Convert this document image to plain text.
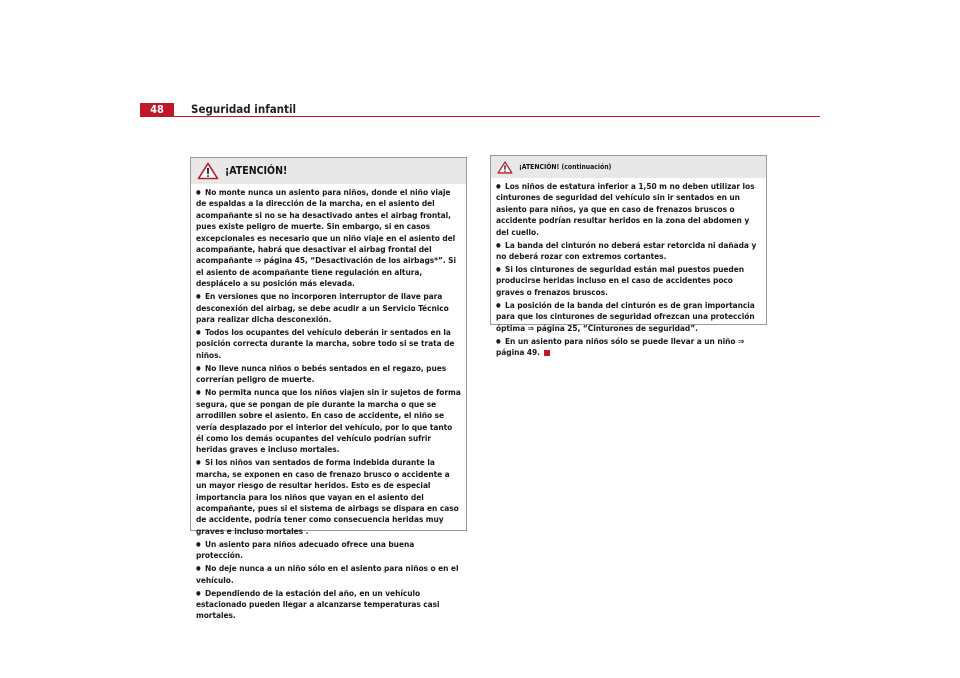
48	Seguridad infantil
¡ATENCIÓN!
● No monte nunca un asiento para niños, donde el niño viaje de espaldas a la dirección de la marcha, en el asiento del acompañante si no se ha desactivado antes el airbag frontal, pues existe peligro de muerte. Sin embargo, si en casos excepcionales es necesario que un niño viaje en el asiento del acompañante, habrá que desactivar el airbag frontal del acompañante ⇒ página 45, “Desactivación de los airbags*”. Si el asiento de acompañante tiene regulación en altura, desplácelo a su posición más elevada.
● En versiones que no incorporen interruptor de llave para desconexión del airbag, se debe acudir a un Servicio Técnico para realizar dicha desconexión.
● Todos los ocupantes del vehículo deberán ir sentados en la posición correcta durante la marcha, sobre todo si se trata de niños.
● No lleve nunca niños o bebés sentados en el regazo, pues correrían peligro de muerte.
● No permita nunca que los niños viajen sin ir sujetos de forma segura, que se pongan de pie durante la marcha o que se arrodillen sobre el asiento. En caso de accidente, el niño se vería desplazado por el interior del vehículo, por lo que tanto él como los demás ocupantes del vehículo podrían sufrir heridas graves e incluso mortales.
● Si los niños van sentados de forma indebida durante la marcha, se exponen en caso de frenazo brusco o accidente a un mayor riesgo de resultar heridos. Esto es de especial importancia para los niños que vayan en el asiento del acompañante, pues si el sistema de airbags se dispara en caso de accidente, podría tener como consecuencia heridas muy graves e incluso mortales .
● Un asiento para niños adecuado ofrece una buena protección.
● No deje nunca a un niño sólo en el asiento para niños o en el vehículo.
● Dependiendo de la estación del año, en un vehículo estacionado pueden llegar a alcanzarse temperaturas casi mortales.
¡ATENCIÓN! (continuación)
● Los niños de estatura inferior a 1,50 m no deben utilizar los cinturones de seguridad del vehículo sin ir sentados en un asiento para niños, ya que en caso de frenazos bruscos o accidente podrían resultar heridos en la zona del abdomen y del cuello.
● La banda del cinturón no deberá estar retorcida ni dañada y no deberá rozar con extremos cortantes.
● Si los cinturones de seguridad están mal puestos pueden producirse heridas incluso en el caso de accidentes poco graves o frenazos bruscos.
● La posición de la banda del cinturón es de gran importancia para que los cinturones de seguridad ofrezcan una protección óptima ⇒ página 25, “Cinturones de seguridad”.
● En un asiento para niños sólo se puede llevar a un niño ⇒ página 49.
